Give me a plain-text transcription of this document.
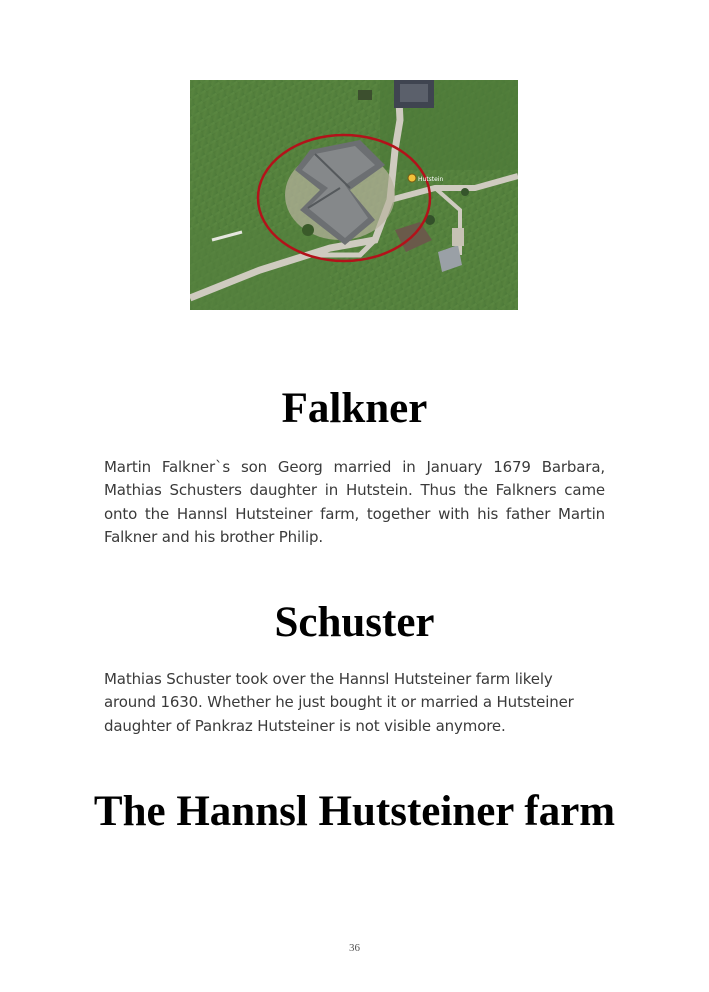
Hutstein
Falkner

Martin Falkner`s son Georg married in January 1679 Barbara, Mathias Schusters daughter in Hutstein. Thus the Falkners came onto the Hannsl Hutsteiner farm, together with his father Martin Falkner and his brother Philip.

Schuster

Mathias Schuster took over the Hannsl Hutsteiner farm likely around 1630. Whether he just bought it or married a Hutsteiner daughter of Pankraz Hutsteiner is not visible anymore.

The Hannsl Hutsteiner farm
36
